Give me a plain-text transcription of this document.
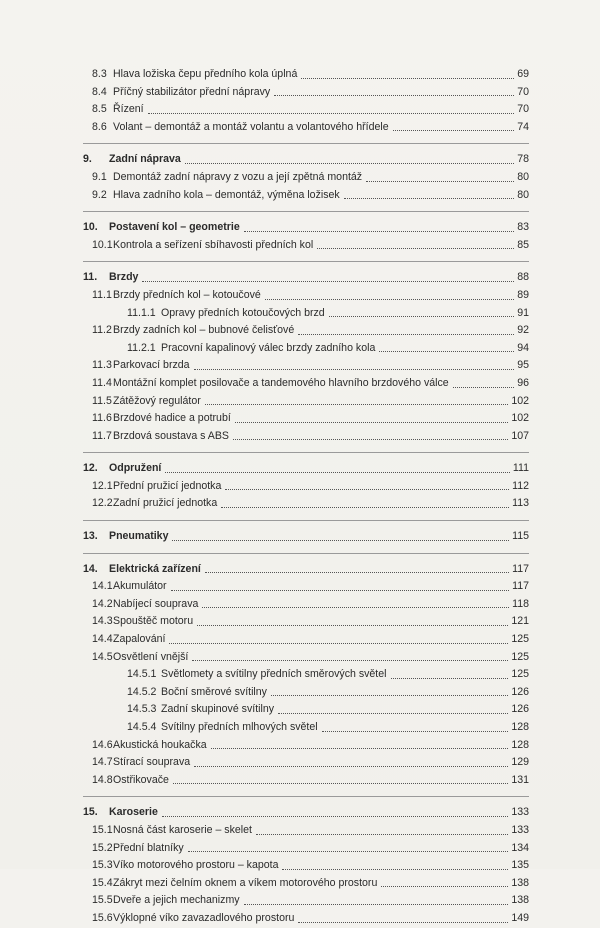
8.3 Hlava ložiska čepu předního kola úplná	69
8.4 Příčný stabilizátor přední nápravy	70
8.5 Řízení	70
8.6 Volant – demontáž a montáž volantu a volantového hřídele	74
9.	Zadní náprava	78
9.1 Demontáž zadní nápravy z vozu a její zpětná montáž	80
9.2 Hlava zadního kola – demontáž, výměna ložisek	80
10.	Postavení kol – geometrie	83
10.1 Kontrola a seřízení sbíhavosti předních kol	85
11.	Brzdy	88
11.1 Brzdy předních kol – kotoučové	89
11.1.1 Opravy předních kotoučových brzd	91
11.2 Brzdy zadních kol – bubnové čelisťové	92
11.2.1 Pracovní kapalinový válec brzdy zadního kola	94
11.3 Parkovací brzda	95
11.4 Montážní komplet posilovače a tandemového hlavního brzdového válce	96
11.5 Zátěžový regulátor	102
11.6 Brzdové hadice a potrubí	102
11.7 Brzdová soustava s ABS	107
12.	Odpružení	111
12.1 Přední pružicí jednotka	112
12.2 Zadní pružicí jednotka	113
13.	Pneumatiky	115
14.	Elektrická zařízení	117
14.1 Akumulátor	117
14.2 Nabíjecí souprava	118
14.3 Spouštěč motoru	121
14.4 Zapalování	125
14.5 Osvětlení vnější	125
14.5.1 Světlomety a svítilny předních směrových světel	125
14.5.2 Boční směrové svítilny	126
14.5.3 Zadní skupinové svítilny	126
14.5.4 Svítilny předních mlhových světel	128
14.6 Akustická houkačka	128
14.7 Stírací souprava	129
14.8 Ostřikovače	131
15.	Karoserie	133
15.1 Nosná část karoserie – skelet	133
15.2 Přední blatníky	134
15.3 Víko motorového prostoru – kapota	135
15.4 Zákryt mezi čelním oknem a víkem motorového prostoru	138
15.5 Dveře a jejich mechanizmy	138
15.6 Výklopné víko zavazadlového prostoru	149
